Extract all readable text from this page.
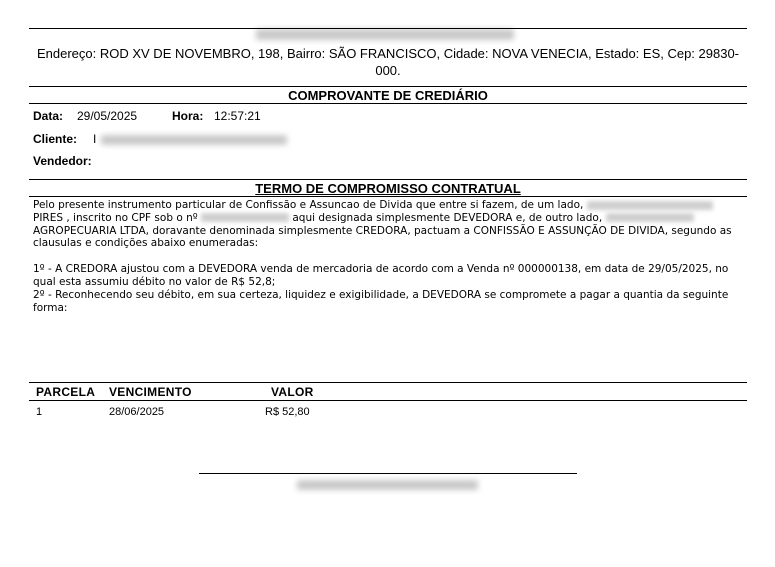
Endereço: ROD XV DE NOVEMBRO, 198, Bairro: SÃO FRANCISCO, Cidade: NOVA VENECIA, Estado: ES, Cep: 29830-000.
COMPROVANTE DE CREDIÁRIO
Data: 29/05/2025	Hora: 12:57:21
Cliente: I
Vendedor:
TERMO DE COMPROMISSO CONTRATUAL

Pelo presente instrumento particular de Confissão e Assuncao de Divida que entre si fazem, de um lado,
PIRES , inscrito no CPF sob o nº	aqui designada simplesmente DEVEDORA e, de outro lado,
AGROPECUARIA LTDA, doravante denominada simplesmente CREDORA, pactuam a CONFISSÃO E ASSUNÇÃO DE DIVIDA, segundo as clausulas e condições abaixo enumeradas:

1º - A CREDORA ajustou com a DEVEDORA venda de mercadoria de acordo com a Venda nº 000000138, em data de 29/05/2025, no qual esta assumiu débito no valor de R$ 52,8;

2º - Reconhecendo seu débito, em sua certeza, liquidez e exigibilidade, a DEVEDORA se compromete a pagar a quantia da seguinte forma:

PARCELA VENCIMENTO	VALOR
1	28/06/2025	R$ 52,80
